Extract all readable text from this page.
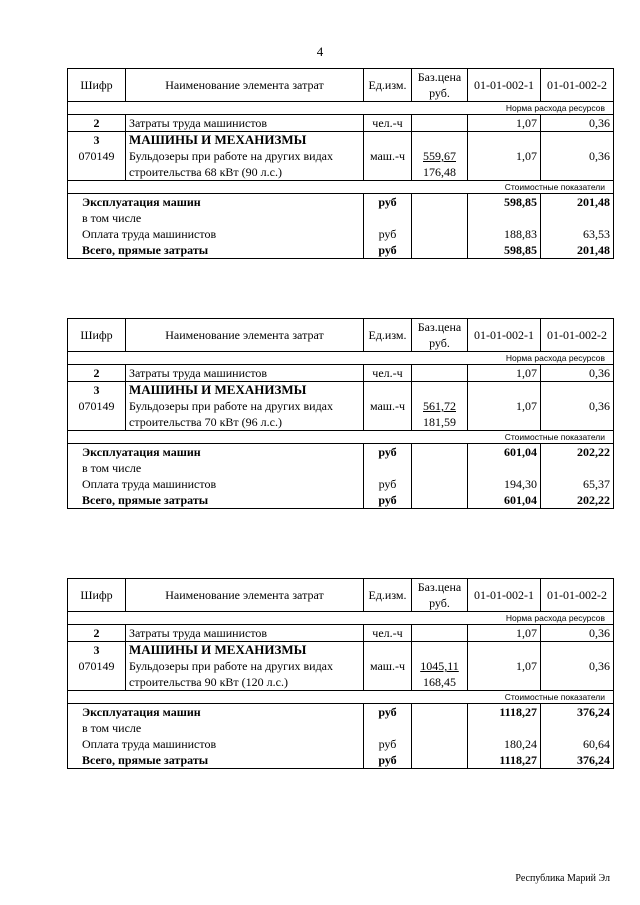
4
Шифр	Наименование элемента затрат	Ед.изм.	Баз.цена руб.	01-01-002-1	01-01-002-2
Норма расхода ресурсов					
2	Затраты труда машинистов	чел.-ч		1,07	0,36
3	МАШИНЫ И МЕХАНИЗМЫ				
070149	Бульдозеры при работе на других видах	маш.-ч	559,67	1,07	0,36
	строительства 68 кВт (90 л.с.)		176,48		
Стоимостные показатели					
Эксплуатация машин		руб		598,85	201,48
в том числе					
Оплата труда машинистов		руб		188,83	63,53
Всего, прямые затраты		руб		598,85	201,48
Шифр	Наименование элемента затрат	Ед.изм.	Баз.цена руб.	01-01-002-1	01-01-002-2
Норма расхода ресурсов					
2	Затраты труда машинистов	чел.-ч		1,07	0,36
3	МАШИНЫ И МЕХАНИЗМЫ				
070149	Бульдозеры при работе на других видах	маш.-ч	561,72	1,07	0,36
	строительства 70 кВт (96 л.с.)		181,59		
Стоимостные показатели					
Эксплуатация машин		руб		601,04	202,22
в том числе					
Оплата труда машинистов		руб		194,30	65,37
Всего, прямые затраты		руб		601,04	202,22
Шифр	Наименование элемента затрат	Ед.изм.	Баз.цена руб.	01-01-002-1	01-01-002-2
Норма расхода ресурсов					
2	Затраты труда машинистов	чел.-ч		1,07	0,36
3	МАШИНЫ И МЕХАНИЗМЫ				
070149	Бульдозеры при работе на других видах	маш.-ч	1045,11	1,07	0,36
	строительства 90 кВт (120 л.с.)		168,45		
Стоимостные показатели					
Эксплуатация машин		руб		1118,27	376,24
в том числе					
Оплата труда машинистов		руб		180,24	60,64
Всего, прямые затраты		руб		1118,27	376,24
Республика Марий Эл
